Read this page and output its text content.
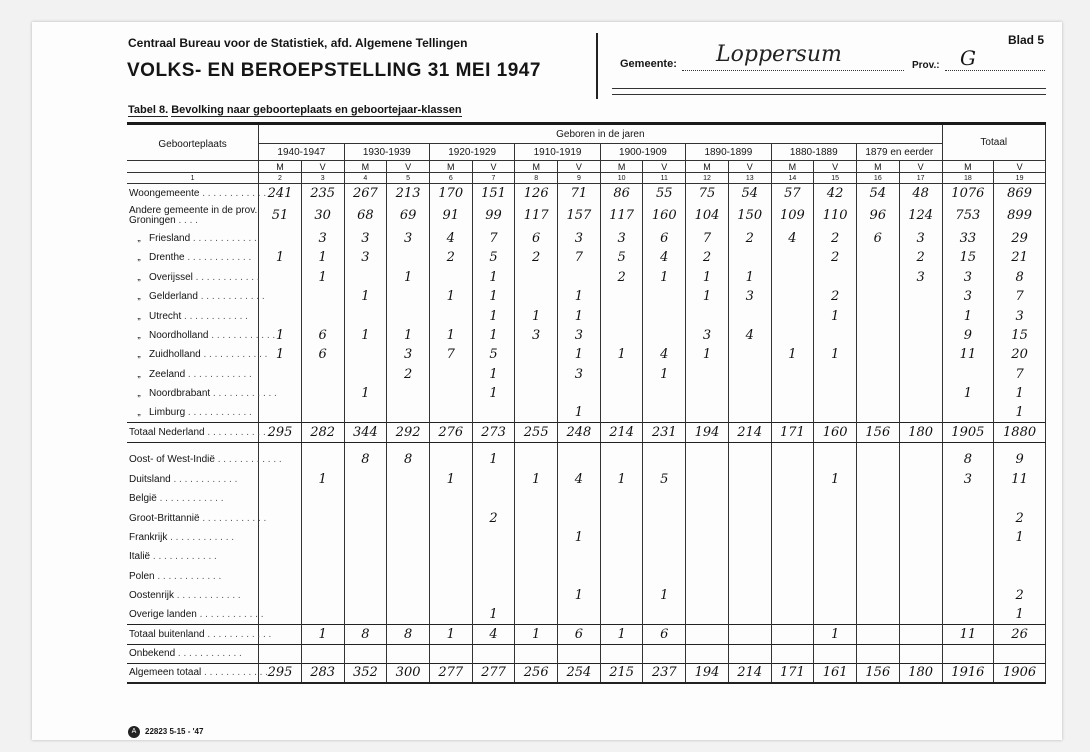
Centraal Bureau voor de Statistiek, afd. Algemene Tellingen
VOLKS- EN BEROEPSTELLING 31 MEI 1947
Blad 5
Gemeente: Loppersum	Prov.: G
Tabel 8. Bevolking naar geboorteplaats en geboortejaar-klassen
Geboorteplaats	Geboren in de jaren																Totaal	
	1940-1947		1930-1939		1920-1929		1910-1919		1900-1909		1890-1899		1880-1889		1879 en eerder			
	M	V	M	V	M	V	M	V	M	V	M	V	M	V	M	V	M	V
1	2	3	4	5	6	7	8	9	10	11	12	13	14	15	16	17	18	19
Woongemeente . . . . . . . . . . . .	241	235	267	213	170	151	126	71	86	55	75	54	57	42	54	48	1076	869
Andere gemeente in de prov. Groningen . . . .	51	30	68	69	91	99	117	157	117	160	104	150	109	110	96	124	753	899
„ Friesland . . . . . . . . . . . .		3	3	3	4	7	6	3	3	6	7	2	4	2	6	3	33	29
„ Drenthe . . . . . . . . . . . .	1	1	3		2	5	2	7	5	4	2			2		2	15	21
„ Overijssel . . . . . . . . . . . .		1		1		1			2	1	1	1				3	3	8
„ Gelderland . . . . . . . . . . . .			1		1	1		1			1	3		2			3	7
„ Utrecht . . . . . . . . . . . .						1	1	1						1			1	3
„ Noordholland . . . . . . . . . . . .	1	6	1	1	1	1	3	3			3	4					9	15
„ Zuidholland . . . . . . . . . . . .	1	6		3	7	5		1	1	4	1		1	1			11	20
„ Zeeland . . . . . . . . . . . .				2		1		3		1								7
„ Noordbrabant . . . . . . . . . . . .			1			1											1	1
„ Limburg . . . . . . . . . . . .								1										1
Totaal Nederland . . . . . . . . . . . .	295	282	344	292	276	273	255	248	214	231	194	214	171	160	156	180	1905	1880

Oost- of West-Indië . . . . . . . . . . . .			8	8		1											8	9
Duitsland . . . . . . . . . . . .		1			1		1	4	1	5				1			3	11
België . . . . . . . . . . . .																		
Groot-Brittannië . . . . . . . . . . . .						2												2
Frankrijk . . . . . . . . . . . .								1										1
Italië . . . . . . . . . . . .																		
Polen . . . . . . . . . . . .																		
Oostenrijk . . . . . . . . . . . .								1		1								2
Overige landen . . . . . . . . . . . .						1												1
Totaal buitenland . . . . . . . . . . . .		1	8	8	1	4	1	6	1	6				1			11	26
Onbekend . . . . . . . . . . . .																		
Algemeen totaal . . . . . . . . . . . .	295	283	352	300	277	277	256	254	215	237	194	214	171	161	156	180	1916	1906
A	22823 5-15 - '47
